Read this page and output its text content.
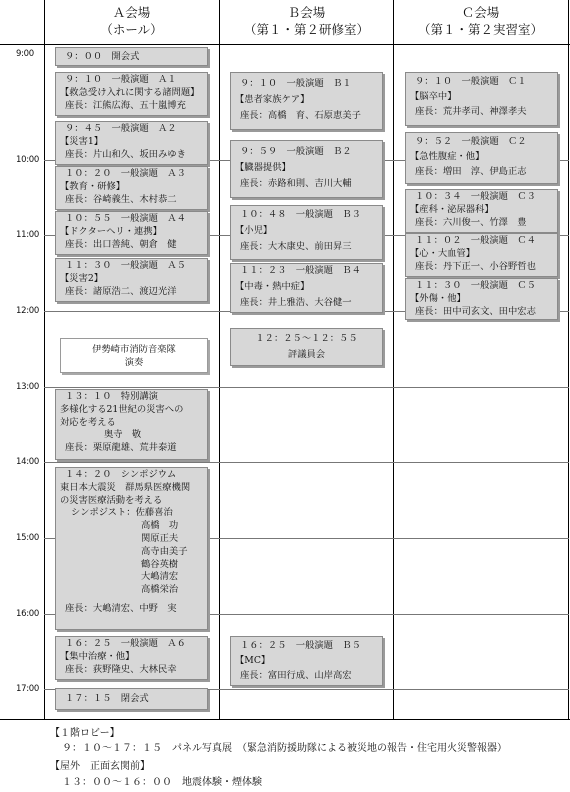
Ａ会場
（ホール）
Ｂ会場
（第１・第２研修室）
Ｃ会場
（第１・第２実習室）
9:00
10:00
11:00
12:00
13:00
14:00
15:00
16:00
17:00
９：００　開会式
９：１０　一般演題　Ａ１
【救急受け入れに関する諸問題】
座長：江熊広海、五十嵐博充
９：４５　一般演題　Ａ２
【災害1】
座長：片山和久、坂田みゆき
１０：２０　一般演題　Ａ３
【教育・研修】
座長：谷崎義生、木村恭二
１０：５５　一般演題　Ａ４
【ドクターヘリ・連携】
座長：出口善純、朝倉　健
１１：３０　一般演題　Ａ５
【災害2】
座長：諸原浩二、渡辺光洋
伊勢崎市消防音楽隊
演奏
１３：１０　特別講演
多様化する21世紀の災害への
対応を考える
奥寺　敬
座長：栗原龍雄、荒井泰道
１４：２０　シンポジウム
東日本大震災　群馬県医療機関
の災害医療活動を考える
シンポジスト：佐藤喜治
高橋　功
関原正夫
高寺由美子
鶴谷英樹
大嶋清宏
高橋栄治
座長：大嶋清宏、中野　実
１６：２５　一般演題　Ａ６
【集中治療・他】
座長：荻野隆史、大林民幸
１７：１５　閉会式
９：１０　一般演題　Ｂ１
【患者家族ケア】
座長：高橋　育、石原恵美子
９：５９　一般演題　Ｂ２
【臓器提供】
座長：赤路和則、吉川大輔
１０：４８　一般演題　Ｂ３
【小児】
座長：大木康史、前田昇三
１１：２３　一般演題　Ｂ４
【中毒・熱中症】
座長：井上雅浩、大谷健一
１２：２５～１２：５５
評議員会
１６：２５　一般演題　Ｂ５
【MC】
座長：富田行成、山岸高宏
９：１０　一般演題　Ｃ１
【脳卒中】
座長：荒井孝司、神澤孝夫
９：５２　一般演題　Ｃ２
【急性腹症・他】
座長：増田　淳、伊島正志
１０：３４　一般演題　Ｃ３
【産科・泌尿器科】
座長：六川俊一、竹澤　豊
１１：０２　一般演題　Ｃ４
【心・大血管】
座長：丹下正一、小谷野哲也
１１：３０　一般演題　Ｃ５
【外傷・他】
座長：田中司玄文、田中宏志
【１階ロビー】
９：１０～１７：１５　パネル写真展　（緊急消防援助隊による被災地の報告・住宅用火災警報器）
【屋外　正面玄関前】
１３：００～１６：００　地震体験・煙体験
